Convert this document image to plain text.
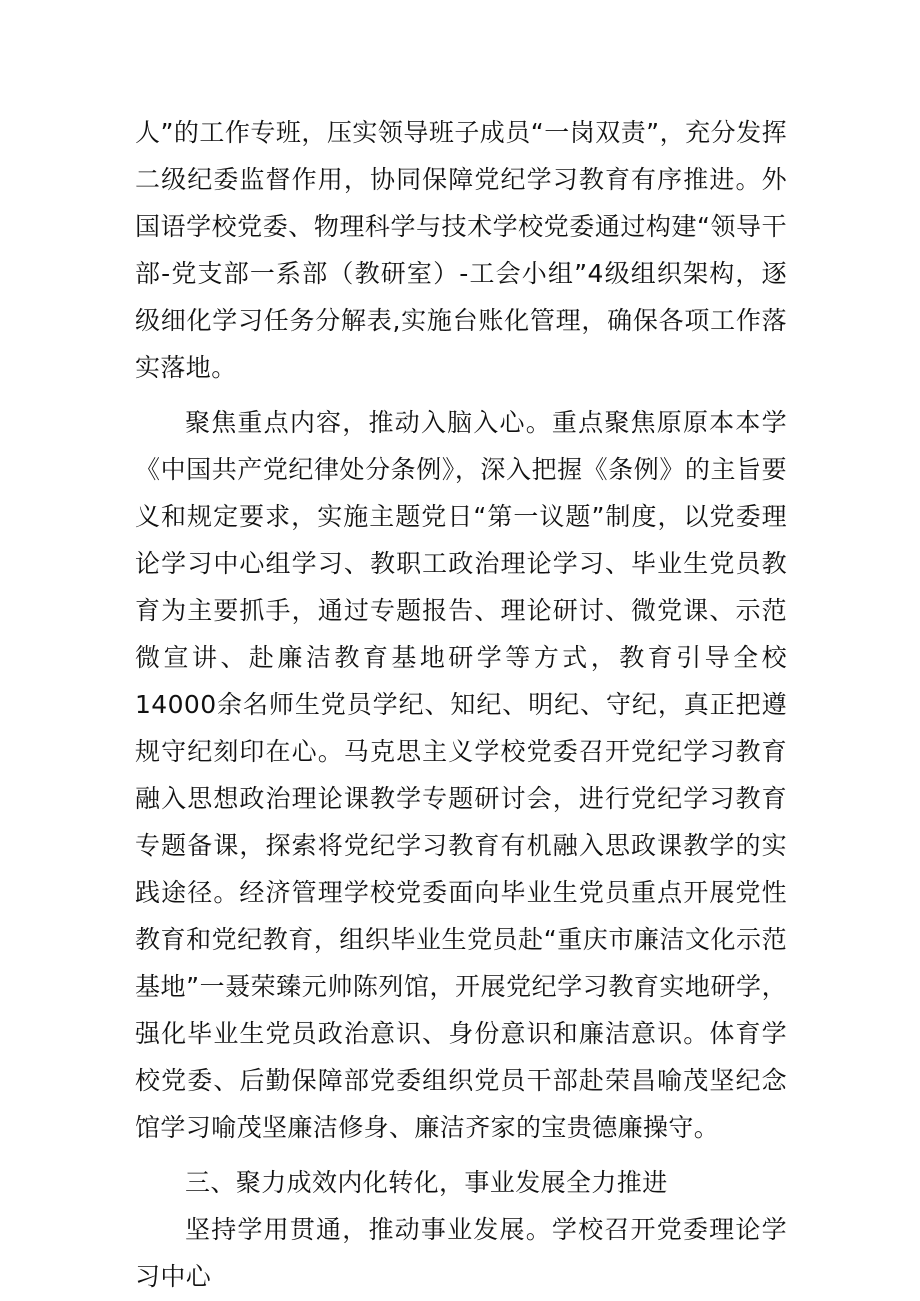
人”的工作专班，压实领导班子成员“一岗双责”，充分发挥二级纪委监督作用，协同保障党纪学习教育有序推进。外国语学校党委、物理科学与技术学校党委通过构建“领导干部-党支部一系部（教研室）-工会小组”4级组织架构，逐级细化学习任务分解表,实施台账化管理，确保各项工作落实落地。

聚焦重点内容，推动入脑入心。重点聚焦原原本本学《中国共产党纪律处分条例》，深入把握《条例》的主旨要义和规定要求，实施主题党日“第一议题”制度，以党委理论学习中心组学习、教职工政治理论学习、毕业生党员教育为主要抓手，通过专题报告、理论研讨、微党课、示范微宣讲、赴廉洁教育基地研学等方式，教育引导全校14000余名师生党员学纪、知纪、明纪、守纪，真正把遵规守纪刻印在心。马克思主义学校党委召开党纪学习教育融入思想政治理论课教学专题研讨会，进行党纪学习教育专题备课，探索将党纪学习教育有机融入思政课教学的实践途径。经济管理学校党委面向毕业生党员重点开展党性教育和党纪教育，组织毕业生党员赴“重庆市廉洁文化示范基地”一聂荣臻元帅陈列馆，开展党纪学习教育实地研学，强化毕业生党员政治意识、身份意识和廉洁意识。体育学校党委、后勤保障部党委组织党员干部赴荣昌喻茂坚纪念馆学习喻茂坚廉洁修身、廉洁齐家的宝贵德廉操守。

三、聚力成效内化转化，事业发展全力推进

坚持学用贯通，推动事业发展。学校召开党委理论学习中心
